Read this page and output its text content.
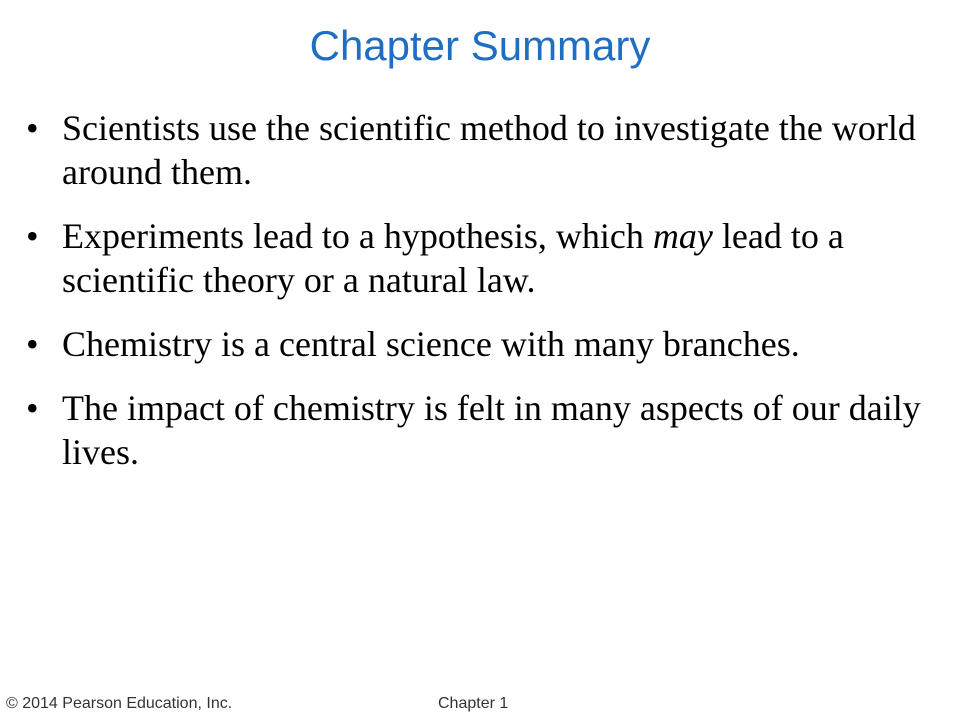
Chapter Summary
• Scientists use the scientific method to investigate the world around them.
• Experiments lead to a hypothesis, which may lead to a scientific theory or a natural law.
• Chemistry is a central science with many branches.
• The impact of chemistry is felt in many aspects of our daily lives.
© 2014 Pearson Education, Inc.	Chapter 1
